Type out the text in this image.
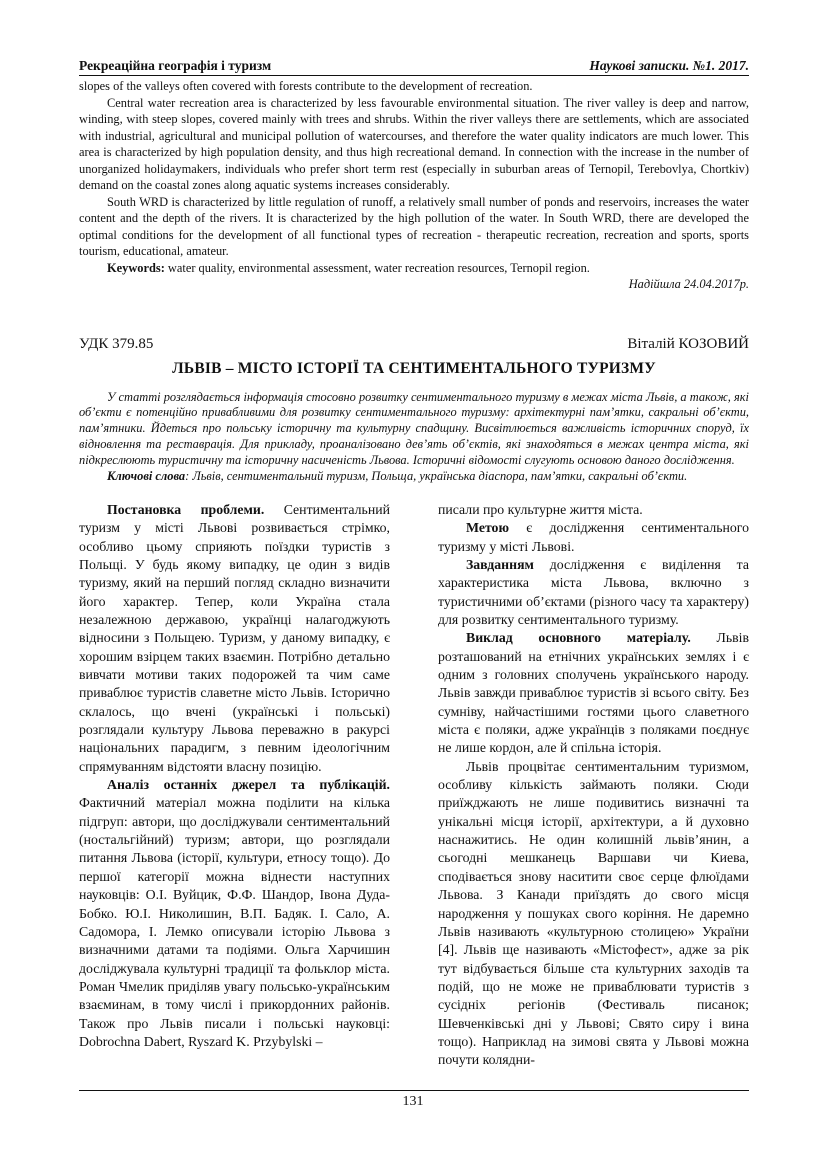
Рекреаційна географія і туризм	Наукові записки. №1. 2017.

slopes of the valleys often covered with forests contribute to the development of recreation.

Central water recreation area is characterized by less favourable environmental situation. The river valley is deep and narrow, winding, with steep slopes, covered mainly with trees and shrubs. Within the river valleys there are settlements, which are associated with industrial, agricultural and municipal pollution of watercourses, and therefore the water quality indicators are much lower. This area is characterized by high population density, and thus high recreational demand. In connection with the increase in the number of unorganized holidaymakers, individuals who prefer short term rest (especially in suburban areas of Ternopil, Terebovlya, Chortkiv) demand on the coastal zones along aquatic systems increases considerably.

South WRD is characterized by little regulation of runoff, a relatively small number of ponds and reservoirs, increases the water content and the depth of the rivers. It is characterized by the high pollution of the water. In South WRD, there are developed the optimal conditions for the development of all functional types of recreation - therapeutic recreation, recreation and sports, sports tourism, educational, amateur.

Keywords: water quality, environmental assessment, water recreation resources, Ternopil region.

Надійшла 24.04.2017р.

УДК 379.85	Віталій КОЗОВИЙ
ЛЬВІВ – МІСТО ІСТОРІЇ ТА СЕНТИМЕНТАЛЬНОГО ТУРИЗМУ

У статті розглядається інформація стосовно розвитку сентиментального туризму в межах міста Львів, а також, які об’єкти є потенційно привабливими для розвитку сентиментального туризму: архітектурні пам’ятки, сакральні об’єкти, пам’ятники. Йдеться про польську історичну та культурну спадщину. Висвітлюється важливість історичних споруд, їх відновлення та реставрація. Для прикладу, проаналізовано дев’ять об’єктів, які знаходяться в межах центра міста, які підкреслюють туристичну та історичну насиченість Львова. Історичні відомості слугують основою даного дослідження.

Ключові слова: Львів, сентиментальний туризм, Польща, українська діаспора, пам’ятки, сакральні об’єкти.

Постановка проблеми. Сентиментальний туризм у місті Львові розвивається стрімко, особливо цьому сприяють поїздки туристів з Польщі. У будь якому випадку, це один з видів туризму, який на перший погляд складно визначити його характер. Тепер, коли Україна стала незалежною державою, українці налагоджують відносини з Польщею. Туризм, у даному випадку, є хорошим взірцем таких взаємин. Потрібно детально вивчати мотиви таких подорожей та чим саме приваблює туристів славетне місто Львів. Історично склалось, що вчені (українські і польські) розглядали культуру Львова переважно в ракурсі національних парадигм, з певним ідеологічним спрямуванням відстояти власну позицію.

Аналіз останніх джерел та публікацій. Фактичний матеріал можна поділити на кілька підгруп: автори, що досліджували сентиментальний (ностальгійний) туризм; автори, що розглядали питання Львова (історії, культури, етносу тощо). До першої категорії можна віднести наступних науковців: О.І. Вуйцик, Ф.Ф. Шандор, Івона Дуда-Бобко. Ю.І. Николишин, В.П. Бадяк. І. Сало, А. Садомора, І. Лемко описували історію Львова з визначними датами та подіями. Ольга Харчишин досліджувала культурні традиції та фольклор міста. Роман Чмелик приділяв увагу польсько-українським взаєминам, в тому числі і прикордонних районів. Також про Львів писали і польські науковці: Dobrochna Dabert, Ryszard K. Przybylski –

писали про культурне життя міста.

Метою є дослідження сентиментального туризму у місті Львові.

Завданням дослідження є виділення та характеристика міста Львова, включно з туристичними об’єктами (різного часу та характеру) для розвитку сентиментального туризму.

Виклад основного матеріалу. Львів розташований на етнічних українських землях і є одним з головних сполучень українського народу. Львів завжди приваблює туристів зі всього світу. Без сумніву, найчастішими гостями цього славетного міста є поляки, адже українців з поляками поєднує не лише кордон, але й спільна історія.

Львів процвітає сентиментальним туризмом, особливу кількість займають поляки. Сюди приїжджають не лише подивитись визначні та унікальні місця історії, архітектури, а й духовно наснажитись. Не один колишній львів’янин, а сьогодні мешканець Варшави чи Киева, сподівається знову наситити своє серце флюїдами Львова. З Канади приїздять до свого місця народження у пошуках свого коріння. Не даремно Львів називають «культурною столицею» України [4]. Львів ще називають «Містофест», адже за рік тут відбувається більше ста культурних заходів та подій, що не може не приваблювати туристів з сусідніх регіонів (Фестиваль писанок; Шевченківські дні у Львові; Свято сиру і вина тощо). Наприклад на зимові свята у Львові можна почути колядни-

131
